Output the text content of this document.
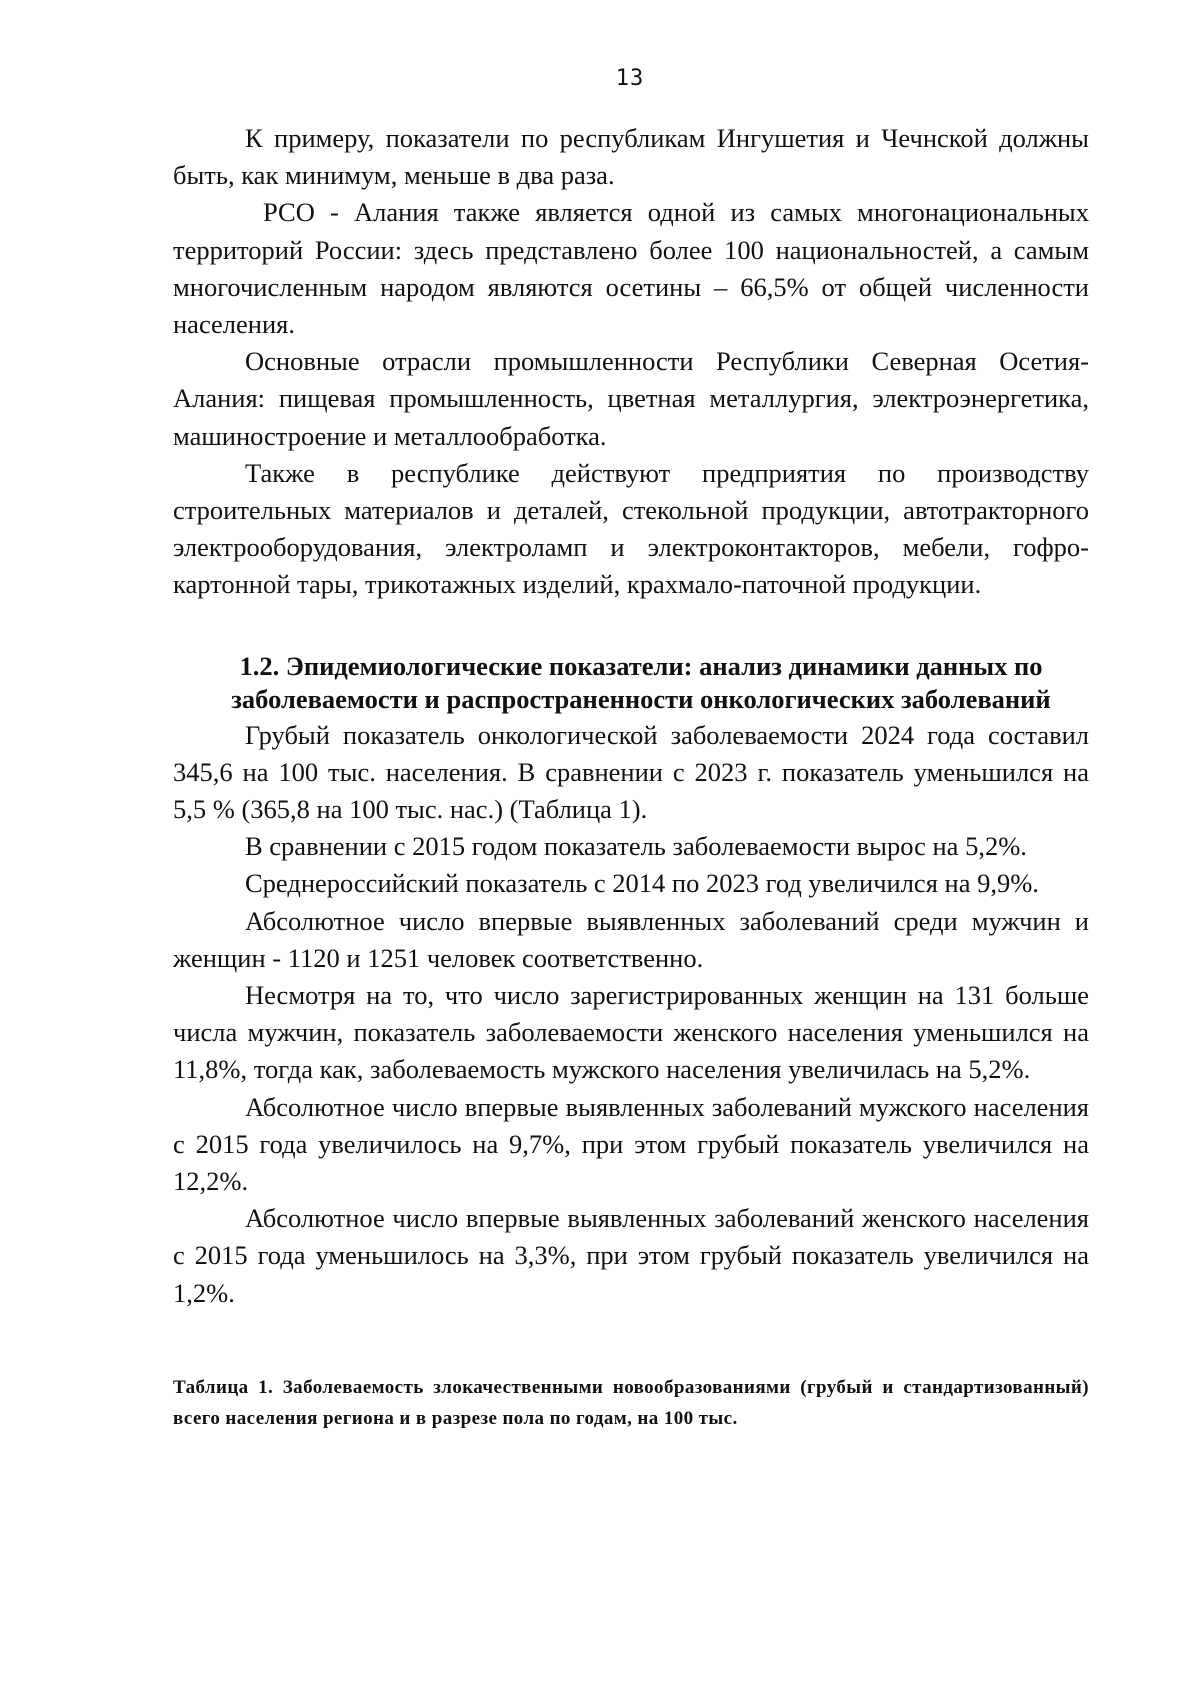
13

К примеру, показатели по республикам Ингушетия и Чечнской должны быть, как минимум, меньше в два раза.

РСО - Алания также является одной из самых многонациональных территорий России: здесь представлено более 100 национальностей, а самым многочисленным народом являются осетины – 66,5% от общей численности населения.

Основные отрасли промышленности Республики Северная Осетия-Алания: пищевая промышленность, цветная металлургия, электроэнергетика, машиностроение и металлообработка.

Также в республике действуют предприятия по производству строительных материалов и деталей, стекольной продукции, автотракторного электрооборудования, электроламп и электроконтакторов, мебели, гофро-картонной тары, трикотажных изделий, крахмало-паточной продукции.

1.2. Эпидемиологические показатели: анализ динамики данных по заболеваемости и распространенности онкологических заболеваний

Грубый показатель онкологической заболеваемости 2024 года составил 345,6 на 100 тыс. населения. В сравнении с 2023 г. показатель уменьшился на 5,5 % (365,8 на 100 тыс. нас.) (Таблица 1).

В сравнении с 2015 годом показатель заболеваемости вырос на 5,2%.

Среднероссийский показатель с 2014 по 2023 год увеличился на 9,9%.

Абсолютное число впервые выявленных заболеваний среди мужчин и женщин - 1120 и 1251 человек соответственно.

Несмотря на то, что число зарегистрированных женщин на 131 больше числа мужчин, показатель заболеваемости женского населения уменьшился на 11,8%, тогда как, заболеваемость мужского населения увеличилась на 5,2%.

Абсолютное число впервые выявленных заболеваний мужского населения с 2015 года увеличилось на 9,7%, при этом грубый показатель увеличился на 12,2%.

Абсолютное число впервые выявленных заболеваний женского населения с 2015 года уменьшилось на 3,3%, при этом грубый показатель увеличился на 1,2%.

Таблица 1. Заболеваемость злокачественными новообразованиями (грубый и стандартизованный) всего населения региона и в разрезе пола по годам, на 100 тыс.
